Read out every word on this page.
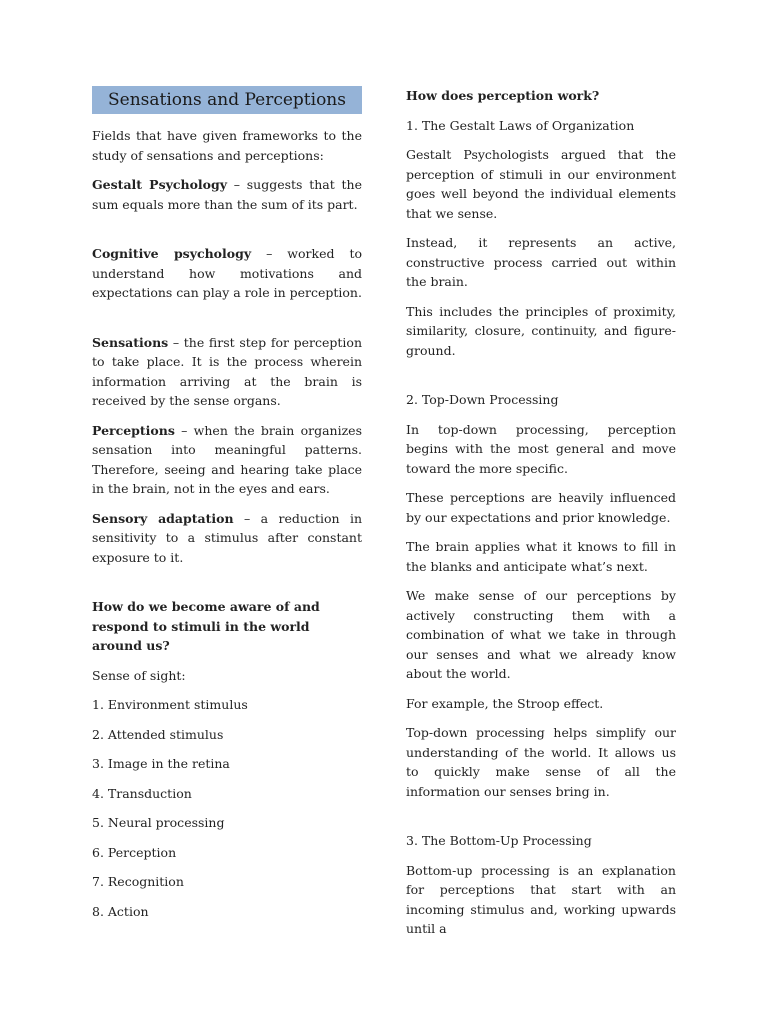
Sensations and Perceptions

Fields that have given frameworks to the study of sensations and perceptions:

Gestalt Psychology – suggests that the sum equals more than the sum of its part.

Cognitive psychology – worked to understand how motivations and expectations can play a role in perception.

Sensations – the first step for perception to take place. It is the process wherein information arriving at the brain is received by the sense organs.

Perceptions – when the brain organizes sensation into meaningful patterns. Therefore, seeing and hearing take place in the brain, not in the eyes and ears.

Sensory adaptation – a reduction in sensitivity to a stimulus after constant exposure to it.

How do we become aware of and respond to stimuli in the world around us?

Sense of sight:

1. Environment stimulus

2. Attended stimulus

3. Image in the retina

4. Transduction

5. Neural processing

6. Perception

7. Recognition

8. Action

How does perception work?

1. The Gestalt Laws of Organization

Gestalt Psychologists argued that the perception of stimuli in our environment goes well beyond the individual elements that we sense.

Instead, it represents an active, constructive process carried out within the brain.

This includes the principles of proximity, similarity, closure, continuity, and figure-ground.

2. Top-Down Processing

In top-down processing, perception begins with the most general and move toward the more specific.

These perceptions are heavily influenced by our expectations and prior knowledge.

The brain applies what it knows to fill in the blanks and anticipate what’s next.

We make sense of our perceptions by actively constructing them with a combination of what we take in through our senses and what we already know about the world.

For example, the Stroop effect.

Top-down processing helps simplify our understanding of the world. It allows us to quickly make sense of all the information our senses bring in.

3. The Bottom-Up Processing

Bottom-up processing is an explanation for perceptions that start with an incoming stimulus and, working upwards until a
